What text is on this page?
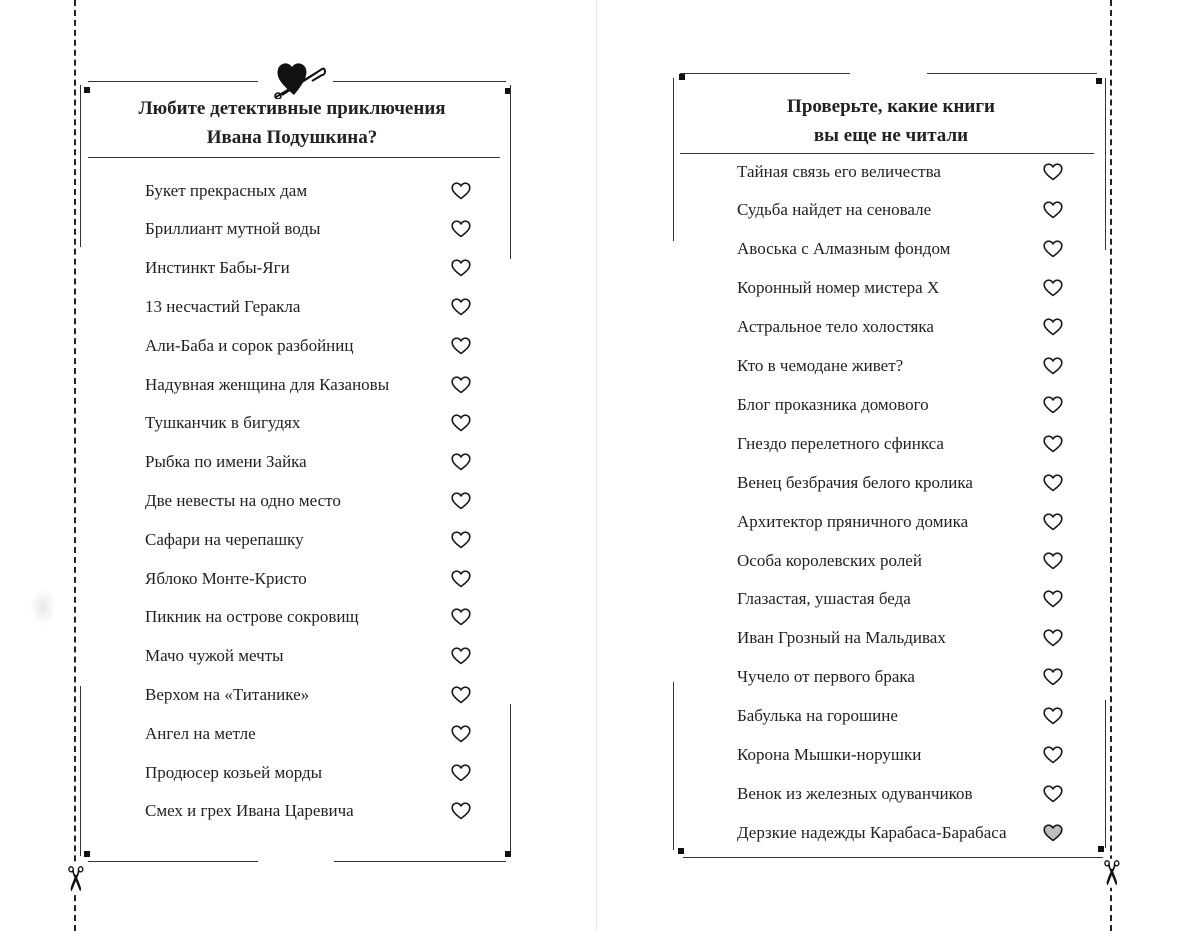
✂
Любите детективные приключения
Ивана Подушкина?
Букет прекрасных дам
Бриллиант мутной воды
Инстинкт Бабы-Яги
13 несчастий Геракла
Али-Баба и сорок разбойниц
Надувная женщина для Казановы
Тушканчик в бигудях
Рыбка по имени Зайка
Две невесты на одно место
Сафари на черепашку
Яблоко Монте-Кристо
Пикник на острове сокровищ
Мачо чужой мечты
Верхом на «Титанике»
Ангел на метле
Продюсер козьей морды
Смех и грех Ивана Царевича
✂
Проверьте, какие книги
вы еще не читали
Тайная связь его величества
Судьба найдет на сеновале
Авоська с Алмазным фондом
Коронный номер мистера Х
Астральное тело холостяка
Кто в чемодане живет?
Блог проказника домового
Гнездо перелетного сфинкса
Венец безбрачия белого кролика
Архитектор пряничного домика
Особа королевских ролей
Глазастая, ушастая беда
Иван Грозный на Мальдивах
Чучело от первого брака
Бабулька на горошине
Корона Мышки-норушки
Венок из железных одуванчиков
Дерзкие надежды Карабаса-Барабаса
